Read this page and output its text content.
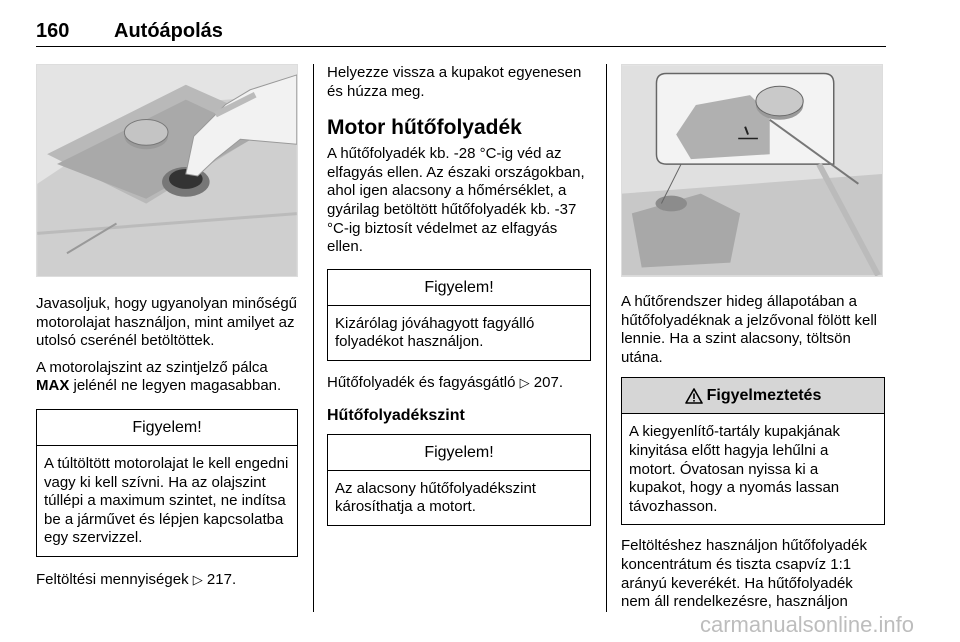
160 Autóápolás

Javasoljuk, hogy ugyanolyan minőségű motorolajat használjon, mint amilyet az utolsó cserénél betöltöttek.

A motorolajszint az szintjelző pálca MAX jelénél ne legyen magasabban.

Figyelem!
A túltöltött motorolajat le kell engedni vagy ki kell szívni. Ha az olajszint túllépi a maximum szintet, ne indítsa be a járművet és lépjen kapcsolatba egy szervizzel.

Feltöltési mennyiségek ▷ 217.

Helyezze vissza a kupakot egyenesen és húzza meg.

Motor hűtőfolyadék

A hűtőfolyadék kb. -28 °C-ig véd az elfagyás ellen. Az északi országokban, ahol igen alacsony a hőmérséklet, a gyárilag betöltött hűtőfolyadék kb. -37 °C-ig biztosít védelmet az elfagyás ellen.

Figyelem!
Kizárólag jóváhagyott fagyálló folyadékot használjon.

Hűtőfolyadék és fagyásgátló ▷ 207.

Hűtőfolyadékszint
Figyelem!
Az alacsony hűtőfolyadékszint károsíthatja a motort.

A hűtőrendszer hideg állapotában a hűtőfolyadéknak a jelzővonal fölött kell lennie. Ha a szint alacsony, töltsön utána.

Figyelmeztetés
A kiegyenlítő-tartály kupakjának kinyitása előtt hagyja lehűlni a motort. Óvatosan nyissa ki a kupakot, hogy a nyomás lassan távozhasson.

Feltöltéshez használjon hűtőfolyadék koncentrátum és tiszta csapvíz 1:1 arányú keverékét. Ha hűtőfolyadék nem áll rendelkezésre, használjon

carmanualsonline.info
